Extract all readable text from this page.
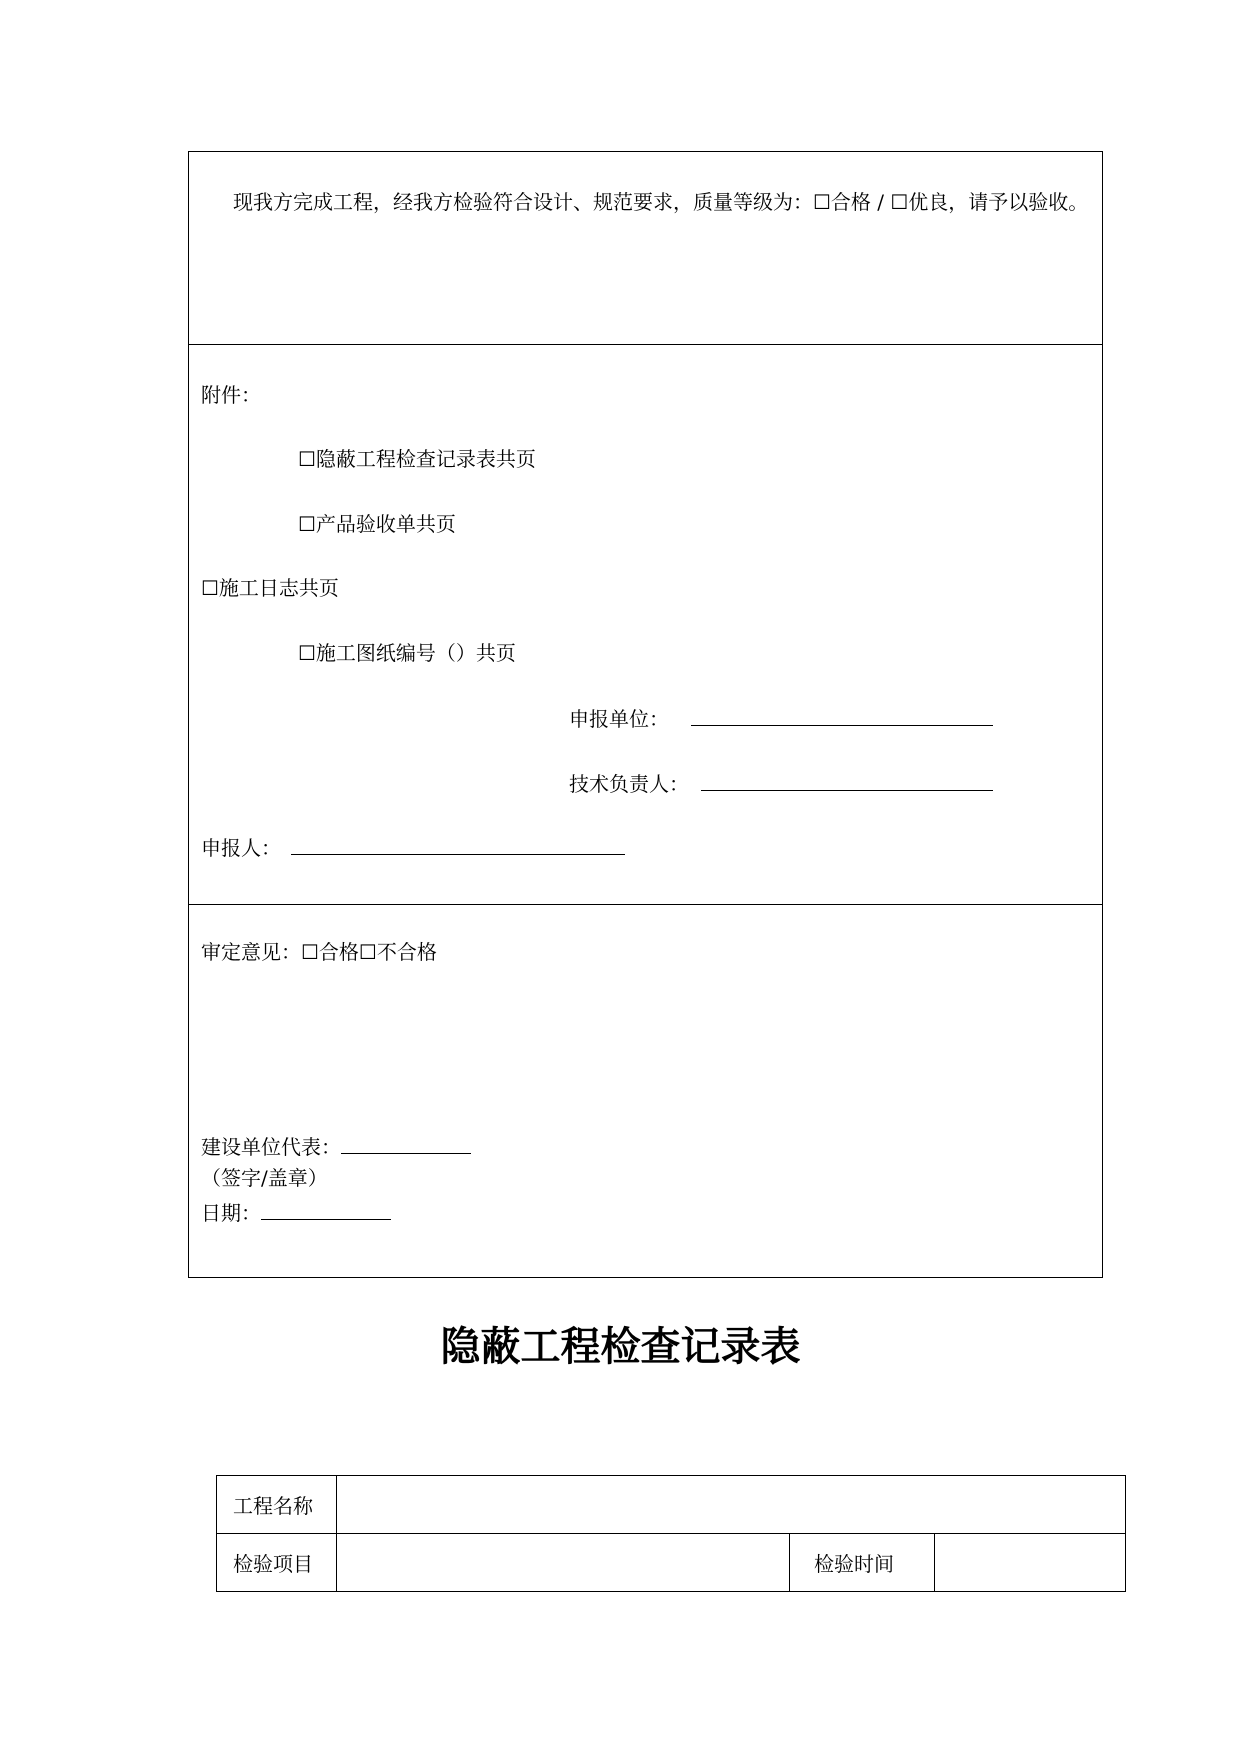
现我方完成工程，经我方检验符合设计、规范要求，质量等级为：☐合格 / ☐优良，请予以验收。
附件：
☐隐蔽工程检查记录表共页
☐产品验收单共页
☐施工日志共页
☐施工图纸编号（）共页
申报单位：
技术负责人：
申报人：
审定意见：☐合格☐不合格
建设单位代表：
（签字/盖章）
日期：
隐蔽工程检查记录表
工程名称			
检验项目		检验时间	
